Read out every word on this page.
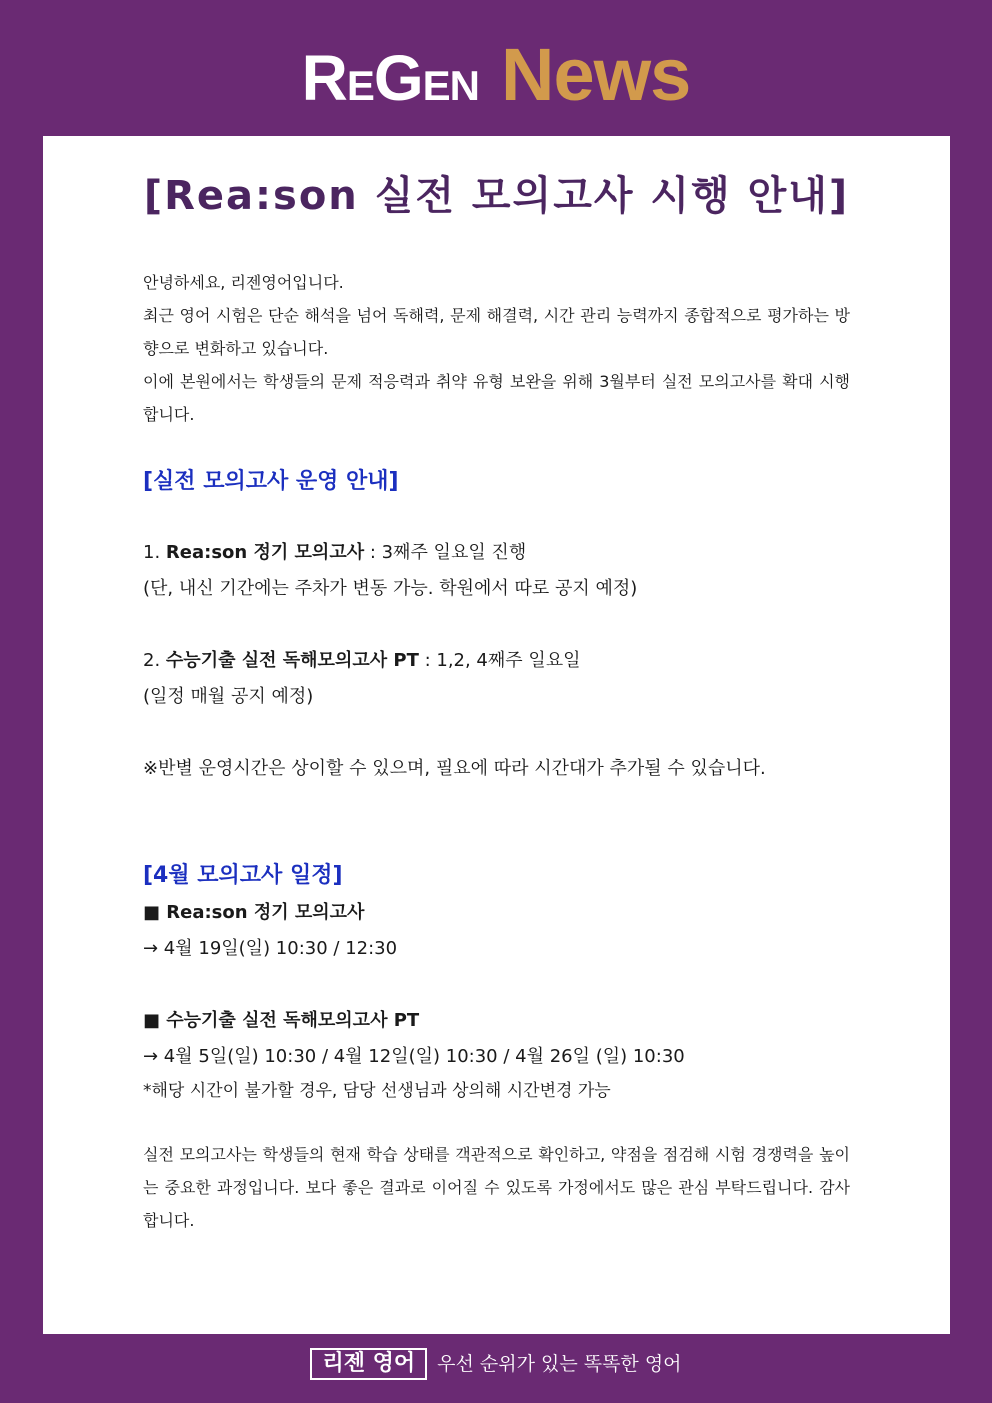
REGEN News
[Rea:son 실전 모의고사 시행 안내]

안녕하세요, 리젠영어입니다.

최근 영어 시험은 단순 해석을 넘어 독해력, 문제 해결력, 시간 관리 능력까지 종합적으로 평가하는 방향으로 변화하고 있습니다.

이에 본원에서는 학생들의 문제 적응력과 취약 유형 보완을 위해 3월부터 실전 모의고사를 확대 시행합니다.

[실전 모의고사 운영 안내]

1. Rea:son 정기 모의고사 : 3째주 일요일 진행

(단, 내신 기간에는 주차가 변동 가능. 학원에서 따로 공지 예정)

2. 수능기출 실전 독해모의고사 PT : 1,2, 4째주 일요일

(일정 매월 공지 예정)

※반별 운영시간은 상이할 수 있으며, 필요에 따라 시간대가 추가될 수 있습니다.

[4월 모의고사 일정]

■ Rea:son 정기 모의고사

→ 4월 19일(일) 10:30 / 12:30

■ 수능기출 실전 독해모의고사 PT

→ 4월 5일(일) 10:30 / 4월 12일(일) 10:30 / 4월 26일 (일) 10:30

*해당 시간이 불가할 경우, 담당 선생님과 상의해 시간변경 가능

실전 모의고사는 학생들의 현재 학습 상태를 객관적으로 확인하고, 약점을 점검해 시험 경쟁력을 높이는 중요한 과정입니다. 보다 좋은 결과로 이어질 수 있도록 가정에서도 많은 관심 부탁드립니다. 감사합니다.

리젠 영어 우선 순위가 있는 똑똑한 영어
